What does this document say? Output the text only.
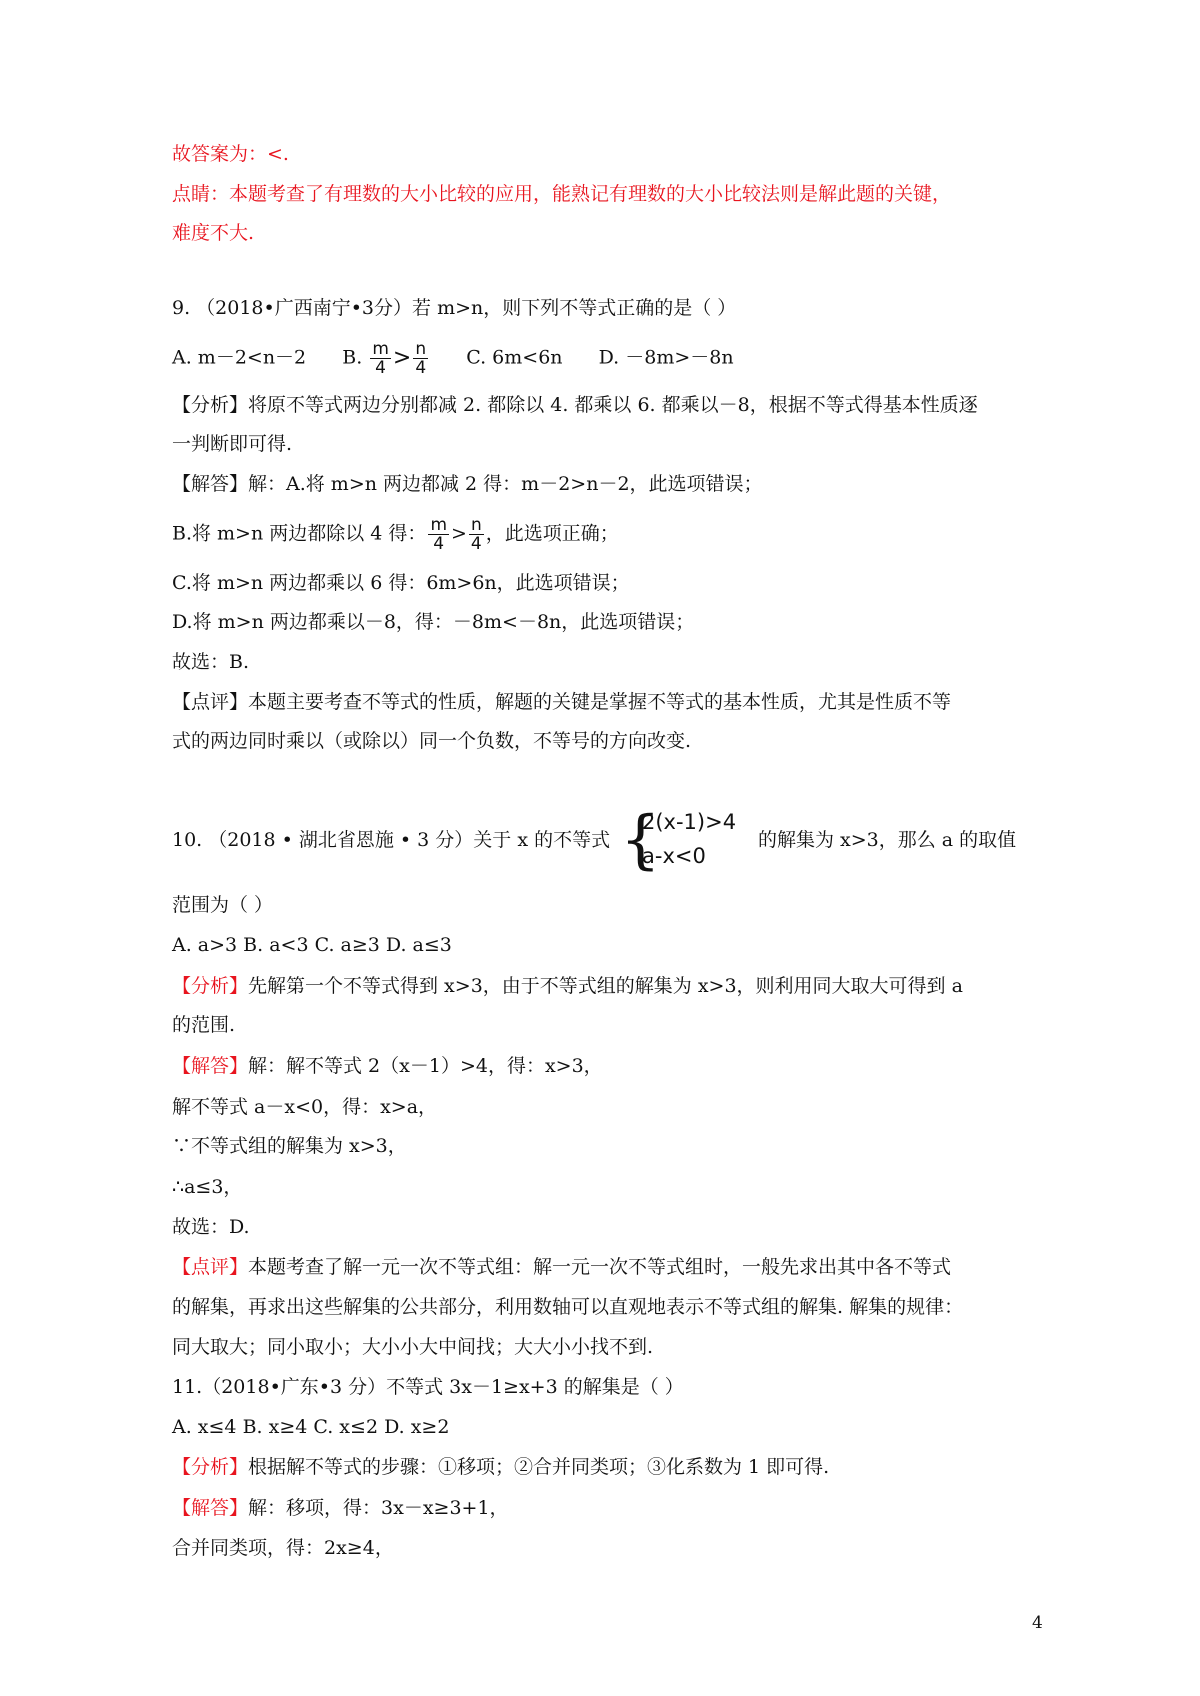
故答案为：<.
点睛：本题考查了有理数的大小比较的应用，能熟记有理数的大小比较法则是解此题的关键，
难度不大.
9. （2018•广西南宁•3分）若 m>n，则下列不等式正确的是（ ）
A. m－2<n－2 B. $\frac{m}{4} > \frac{n}{4} C$. 6m<6n D. －8m>－8n
【分析】将原不等式两边分别都减 2. 都除以 4. 都乘以 6. 都乘以－8，根据不等式得基本性质逐
一判断即可得.
【解答】解：A.将 m>n 两边都减 2 得：m－2>n－2，此选项错误；
B.将 m>n 两边都除以 4 得： $\frac{m}{4} > \frac{n}{4}$ ，此选项正确；
C.将 m>n 两边都乘以 6 得：6m>6n，此选项错误；
D.将 m>n 两边都乘以－8，得：－8m<－8n，此选项错误；
故选：B.
【点评】本题主要考查不等式的性质，解题的关键是掌握不等式的基本性质，尤其是性质不等
式的两边同时乘以（或除以）同一个负数，不等号的方向改变.
10. （2018 • 湖北省恩施 • 3 分）关于 x 的不等式 {
2(x-1)>4
a-x<0
的解集为 x>3，那么 a 的取值
范围为（ ）
A. a>3 B. a<3 C. a≥3 D. a≤3
【分析】先解第一个不等式得到 x>3，由于不等式组的解集为 x>3，则利用同大取大可得到 a
的范围.
【解答】解：解不等式 2（x－1）>4，得：x>3，
解不等式 a－x<0，得：x>a，
∵不等式组的解集为 x>3，
∴a≤3，
故选：D.
【点评】本题考查了解一元一次不等式组：解一元一次不等式组时，一般先求出其中各不等式
的解集，再求出这些解集的公共部分，利用数轴可以直观地表示不等式组的解集. 解集的规律：
同大取大；同小取小；大小小大中间找；大大小小找不到.
11.（2018•广东•3 分）不等式 3x－1≥x+3 的解集是（ ）
A. x≤4 B. x≥4 C. x≤2 D. x≥2
【分析】根据解不等式的步骤：①移项；②合并同类项；③化系数为 1 即可得.
【解答】解：移项，得：3x－x≥3+1，
合并同类项，得：2x≥4，
4
